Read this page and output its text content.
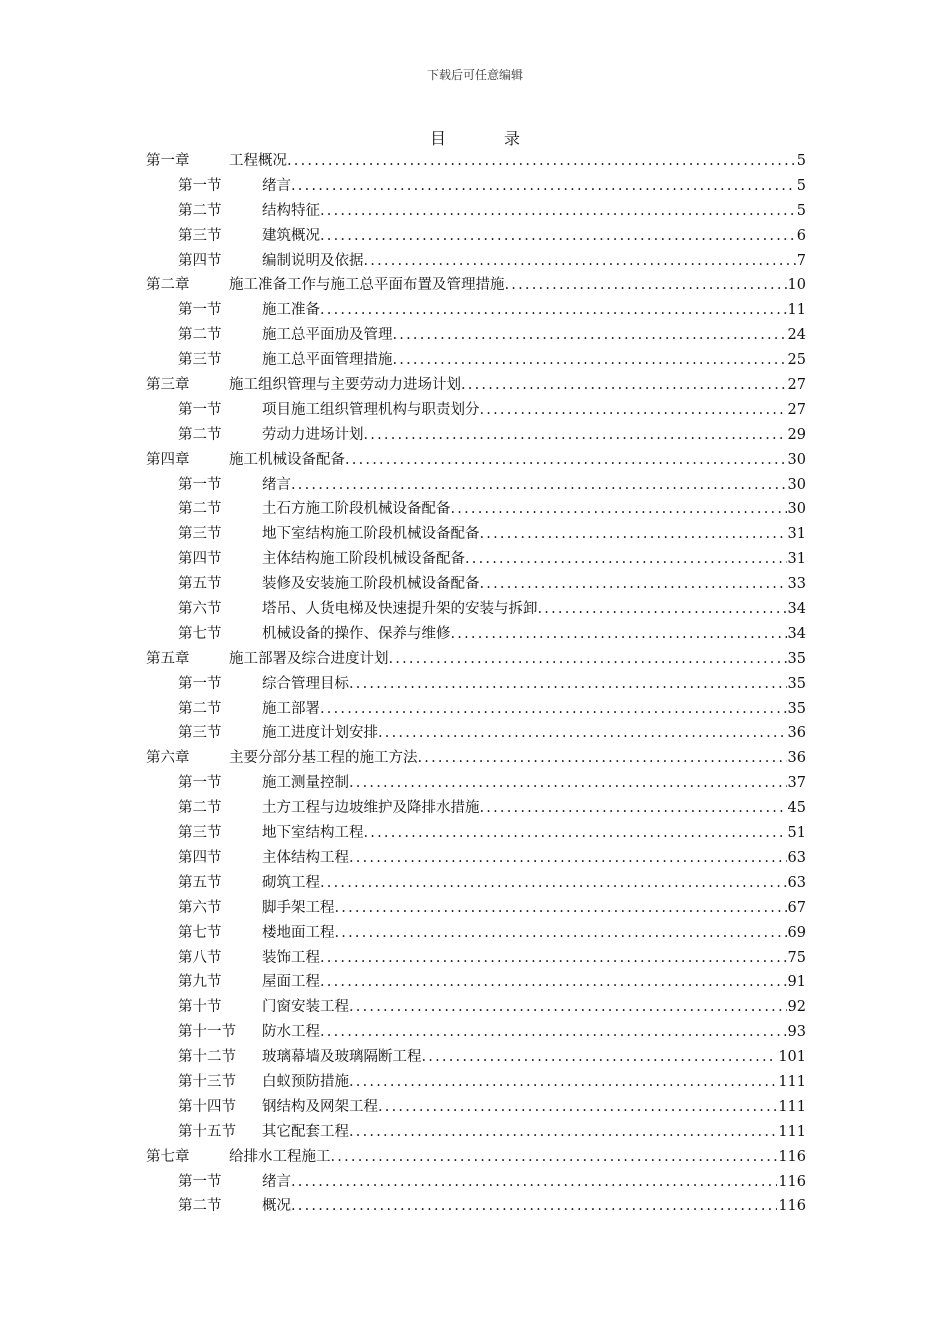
下载后可任意编辑
目	录
第一章	工程概况 .....	5
第一节	绪言 .....	5
第二节	结构特征 .....	5
第三节	建筑概况 .....	6
第四节	编制说明及依据 .....	7
第二章	施工准备工作与施工总平面布置及管理措施 .....	10
第一节	施工准备 .....	11
第二节	施工总平面劢及管理 .....	24
第三节	施工总平面管理措施 .....	25
第三章	施工组织管理与主要劳动力进场计划 .....	27
第一节	项目施工组织管理机构与职责划分 .....	27
第二节	劳动力进场计划 .....	29
第四章	施工机械设备配备 .....	30
第一节	绪言 .....	30
第二节	土石方施工阶段机械设备配备 .....	30
第三节	地下室结构施工阶段机械设备配备 .....	31
第四节	主体结构施工阶段机械设备配备 .....	31
第五节	装修及安装施工阶段机械设备配备 .....	33
第六节	塔吊、人货电梯及快速提升架的安装与拆卸 .....	34
第七节	机械设备的操作、保养与维修 .....	34
第五章	施工部署及综合进度计划 .....	35
第一节	综合管理目标 .....	35
第二节	施工部署 .....	35
第三节	施工进度计划安排 .....	36
第六章	主要分部分基工程的施工方法 .....	36
第一节	施工测量控制 .....	37
第二节	土方工程与边坡维护及降排水措施 .....	45
第三节	地下室结构工程 .....	51
第四节	主体结构工程 .....	63
第五节	砌筑工程 .....	63
第六节	脚手架工程 .....	67
第七节	楼地面工程 .....	69
第八节	装饰工程 .....	75
第九节	屋面工程 .....	91
第十节	门窗安装工程 .....	92
第十一节	防水工程 .....	93
第十二节	玻璃幕墙及玻璃隔断工程 .....	101
第十三节	白蚁预防措施 .....	111
第十四节	钢结构及网架工程 .....	111
第十五节	其它配套工程 .....	111
第七章	给排水工程施工 .....	116
第一节	绪言 .....	116
第二节	概况 .....	116
